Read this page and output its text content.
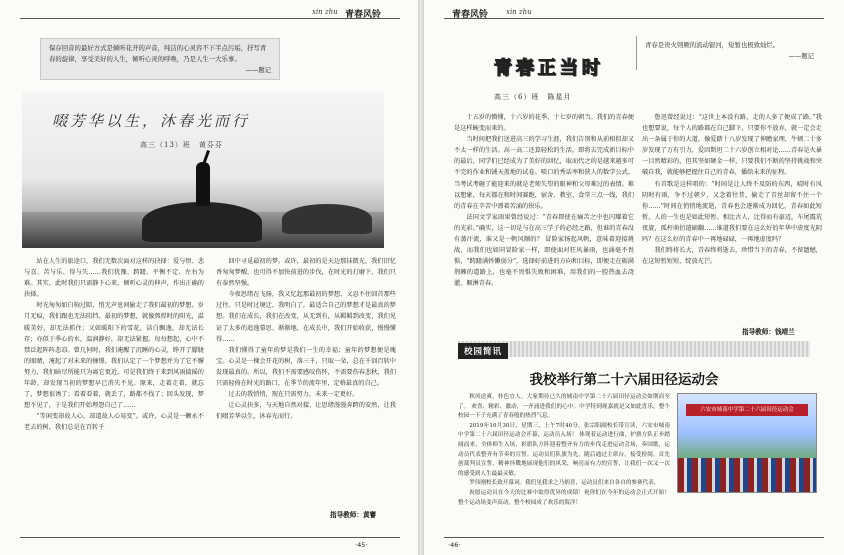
xin zhu 青春风铃
保存回音的最好方式是倾听花开的声音，纯洁的心灵容不下半点污垢，抒写青春的旋律，享受美好的人生，倾听心灵的呼唤，乃是人生一大乐事。
——题记
啜芳华以生，沐春光而行
高三（13）班　黄芬芬

站在人生的旅途口，我们无数次面对这样的抉择：爱与恨、悲与喜、苦与乐、得与失……我们犹豫、踌躇、平衡不定、左右为难。其实，此时我们只需静下心来，倾听心灵的伸声，作出正确的抉择。

时光匆匆如白驹过隙，悄无声息间偷走了我们最初的梦想。岁月无痕，我们跟也无法阻挡。最初的梦想，就像熬煌时的阳光，温暖美好，却无法抓住；又如暖阳下的雪花，洁白飘逸，却无法长存；亦似于季心的水，温润静好，却无法紧握。每每想起，心中不禁泛起阵阵悲凉。曾几何时，我们淹醒了沉睡的心灵，睁开了朦胧的眼睛，淹起了对未来的憧憬。我们认定了一个梦想并为了它不懈努力，我们暗尽所能只为离它更近。可是我们终于来到风雨揣摇的年龄，却发现当初的梦想早已消失不见。原来，走着走着，就忘了，梦想很诱了；看着看着，就丢了，路都不找了；回头发现，梦想不见了，于是我们开始埋怨自己了……

“等闲变却故人心，却道故人心易变”。或许，心灵是一颗永不老去的树，我们总是在百转千

回中寻觅最初的梦。或许，最初的是天边那抹微光，我们旧忆香匆匆梦醒，也可得不加快前进的步伐，在时光的打磨下，我们只有泰然坚强。

今夜思绪在飞扬，我又忆起那最初的梦想，又忍不住回首那些过往。只是时过境迁，我明白了，最适合自己的梦想才是最真的梦想。我们在成长，我们在改变，从无到有，从羁羁到改变，我们见证了太多的追逸幕思、渐渐地，在成长中，我们开始收获，慢慢懂得……

我们懂得了童年的梦是我们一生的幸福；童年的梦想便是瑰宝。心灵是一棵会开花的树，落三千，只取一朵，总在千回百转中发现最真的。所以，我们不需要感叹伤怀，不需要伤春悲秋，我们只需轻倚在时光的路口，在季节的流年里，定格最真的自己。

过去的我悄悄，现在只需努力，未来一定更好。

让心灵抉多，与天地自然对接，让思绪漫漫奔跨的安然，让我们啜芳华以生，沐春光而行。

指导教师：黄謇
·45·
青春风铃	xin zhu
青春是贵火则厥的流动银河，短暂也极致灿烂。
——题记
青春正当时
高三（6）班　陈星月

十五岁的懵懂，十六岁的花季，十七岁的朝当。我们的青春便是这样蜿变而来的。

当时间把我们送进高三的学习生涯，我们告别和从前相似却又不太一样的生活。高一高二还算轻松的生活，即将去完成新目标中的最后，同学们已经成为了美好的回忆，取而代之的是越来越多可不完的作业和铺天盖地的试卷。喷口的秀话率和狭人的数学公式。当考试考砸了能迎来的就是老师失望的眼神和父母难过的表情。难以想象，每天都在和时间赛跑，宿舍、教室、食堂三点一线，我们的青春在辛苦中漂着苦涌的快乐。

法国文学家雨果曾经说过：“青春即使在痛苦之中也闪耀着它的光彩。”确实，这一切是与在高三学子的必经之路，但谁的青春没有蒸汗流，谁又是一帆风顺的？ 冒险家扬起风帆，意味着迎接挑战，而我们也如同冒险家一样，即使面对狂风暴雨，也涌毫不畏惧，“踌躇满怀懒弱分”，选择好前进的方向和目标，即便走在砺满荆棘的道路上，也毫不畏惧失败和困难，用我们的一腔热血去浇灌、顺淋青春。

鲁迅曾经说过：“这世上本没有路，走的人多了便成了路。”我也想要说，每个人的路都在自己脚下，只要你不放弃，就一定会走出一条属于你的大道，像爱踏十八岁发现了伸瞻家理，牛顿二十多岁发现了万有引力，爱因斯坦二十六岁创立相对论……青春是火暴一目然精彩的，但其坚如硬金一样，只要我们不断的坚持挑战和突破自我，就能够把握住自己的青春，播给未来的征程。

有首歌是这样唱的：“时间是让人终不及防的东西，晴时有风阴时有雨，争不过朝夕，又念着往昔，偷走了青丝却留不住一个你……”时间在悄悄地流逝，青春也会逐渐成为回忆，青春如此短暂，人的一生也是如此短暂。相比古人，比得而有豪迈，车尾震荒夜旋，孤杆萌衍遣刷翻……谁道我们要在这么好的年华中虚度光阴吗？在这么好的青春中一再地碌碌，一再地虚度吗？

我们终将长大，青春终将逝去，珍惜当下的青春，不留遗憾，在这短暂短短，绽放光芒。

指导教师：钱靖兰
校园简讯
我校举行第二十六届田径运动会

秋风送爽，桂色宜人。大家期待已久的城南中学第二十六届田径运动会如期而至了。 欢喜、精彩、激动，一齐涌进我们的心中。中学特到现嘉就是又如此喜乐，整个校园一下子充满了青春般的热烈气息。

2019年10月30日，星期三，上午7时40分，张宗阳副校长带宣读，六安市城南中学第二十六届田径运动会开幕，运动员入场！ 体现着运动进行曲，护旗方队正步踏阔而来，全体师生入场，彩旗队方阵迎着整齐有力的步伐走进运动会场，奏国歌，运动员代表整齐有节奏的宣誓。运动员们队旗为先，随后通过主席台，接受检阅。首先创裁判员宣誓，精神抖擞地展现他们的风采，响亮而有力的宣誓，让我们一次又一次的感受到人生最最灵敏。

罗伟刚校长致开幕词。我们见我求之乃炳喜，运动员们来自各自的参赛代表。

祝愿运动员在今天的比赛中取得优异的成绩！祝你们在今年的运动会正式开始！整个运动场变声高动，整个校园成了欢乐的海洋！

六安市城南中学第二十六届田径运动会
·46·
